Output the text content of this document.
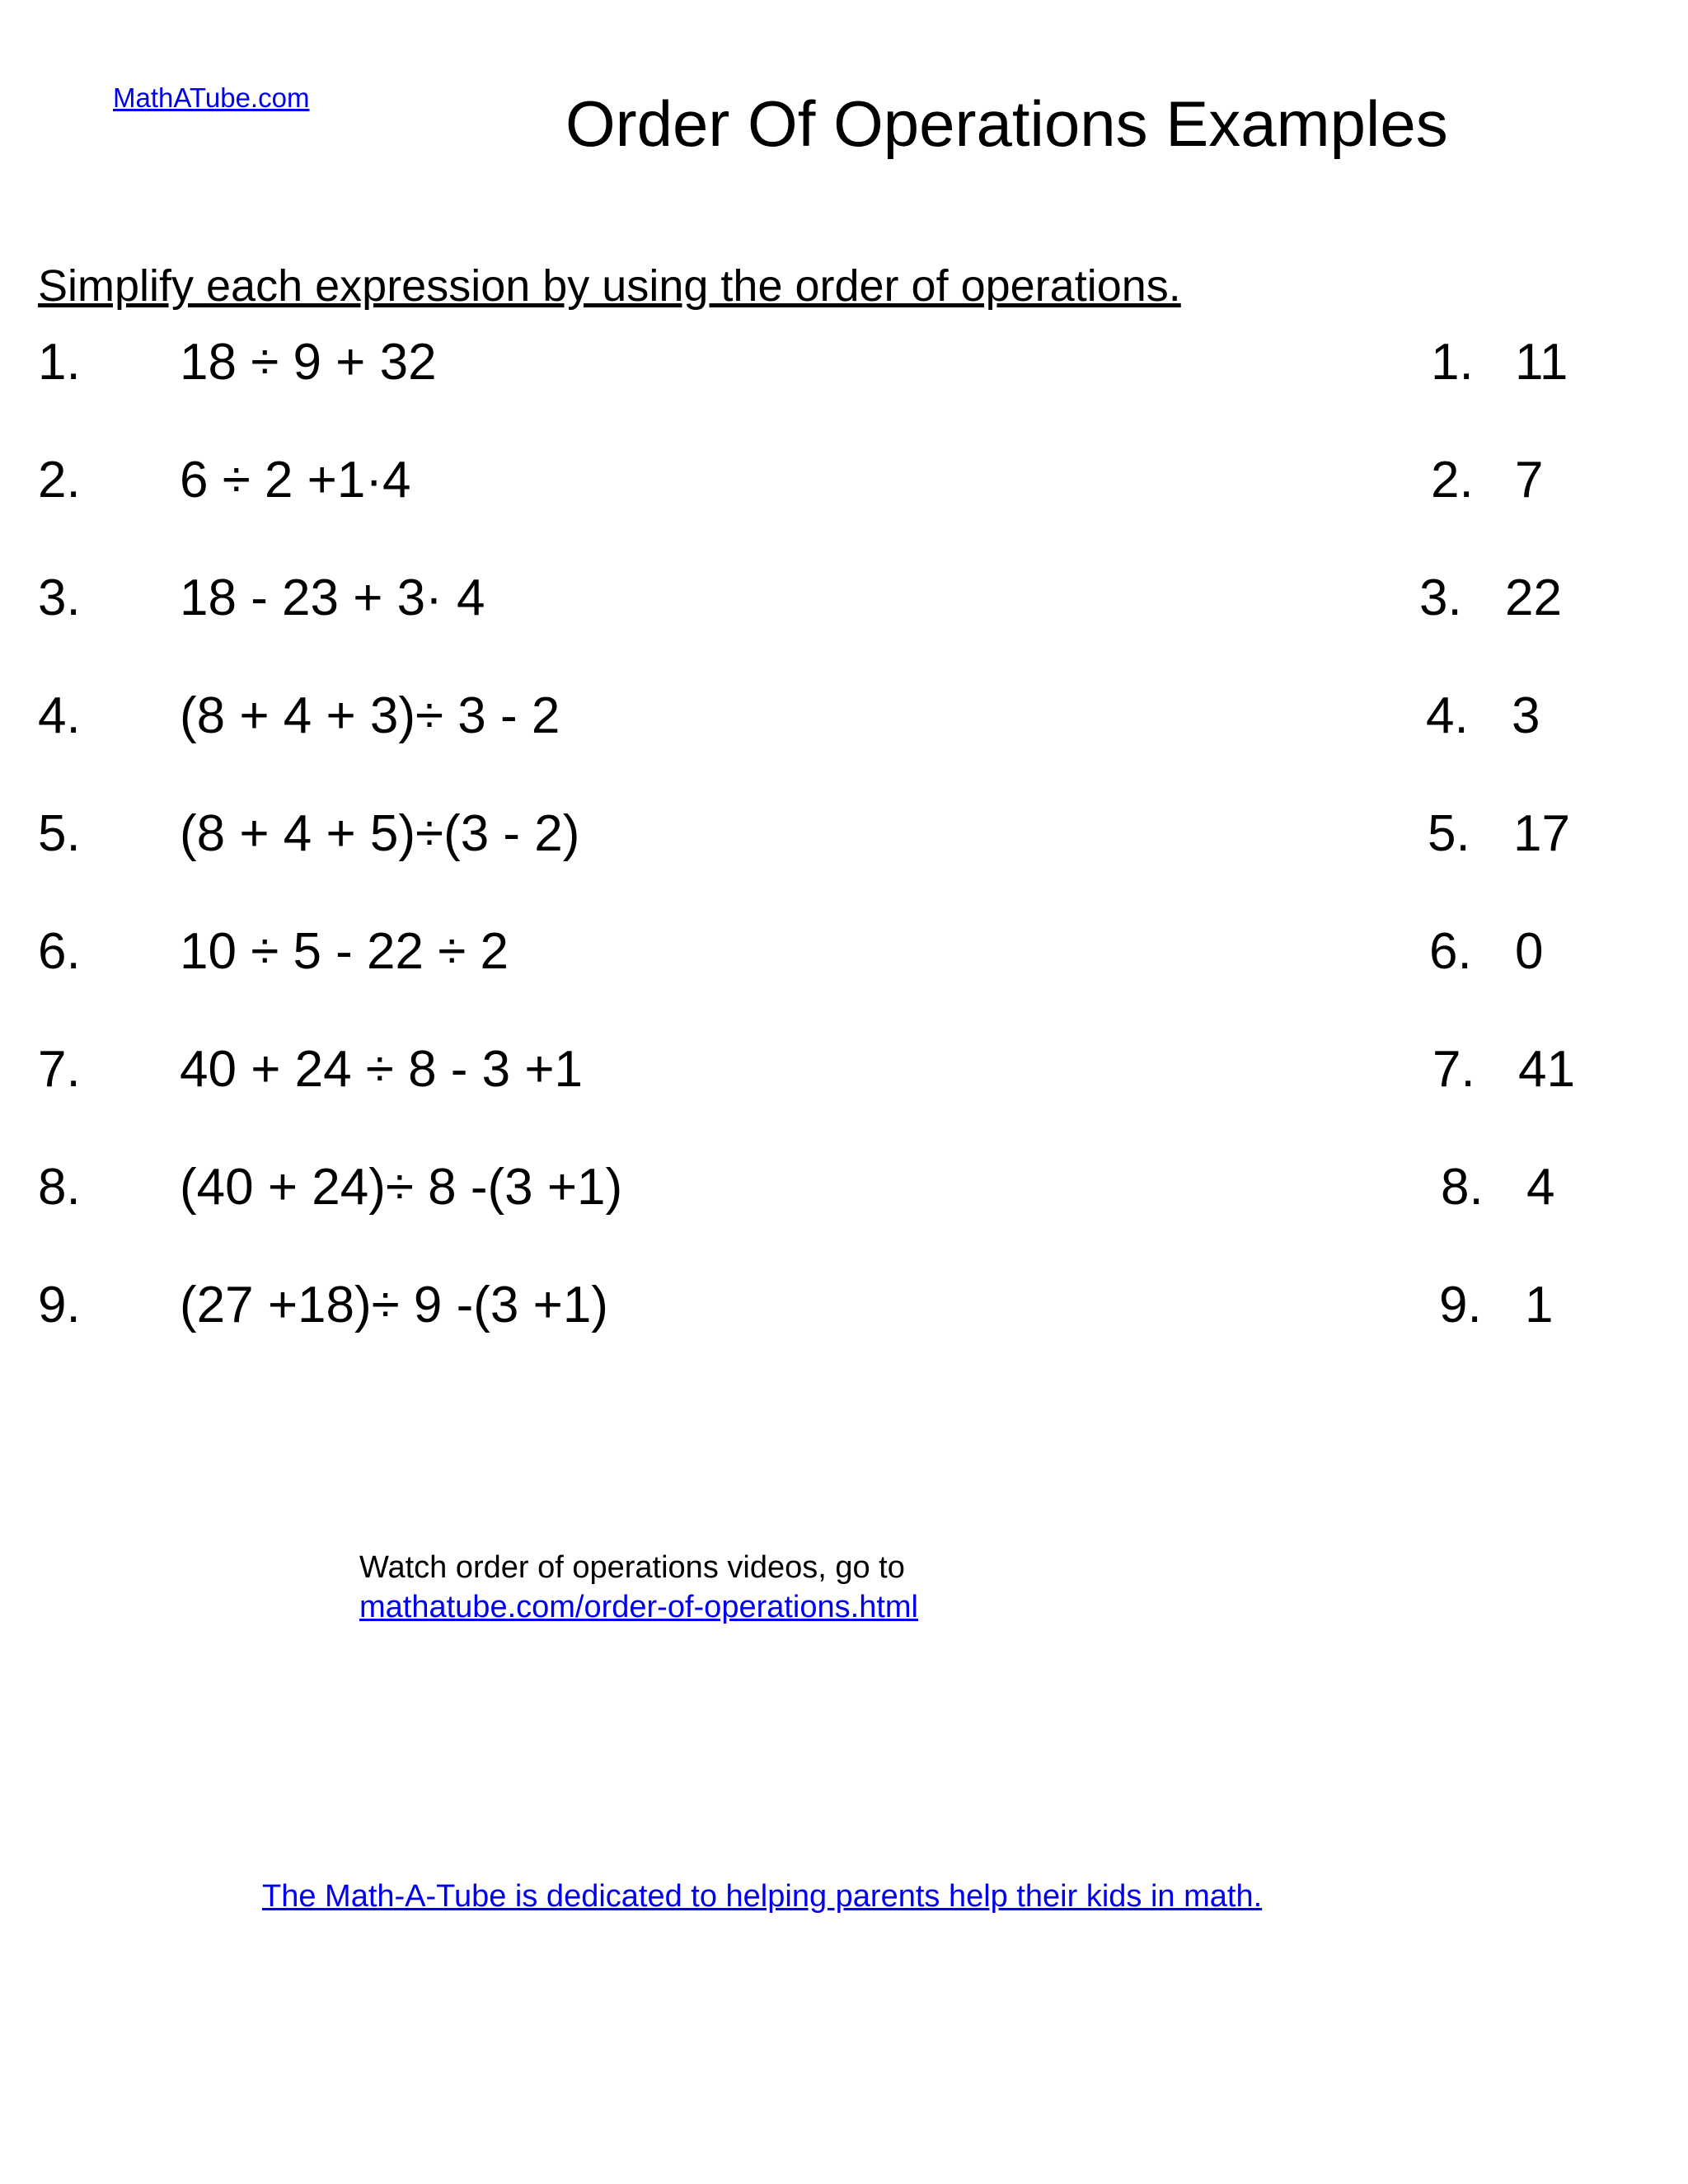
MathATube.com	Order Of Operations Examples
Simplify each expression by using the order of operations.
1. 18 ÷ 9 + 32	1. 11
2. 6 ÷ 2 +1·4	2. 7
3. 18 - 23 + 3· 4	3. 22
4. (8 + 4 + 3)÷ 3 - 2	4. 3
5. (8 + 4 + 5)÷(3 - 2)	5. 17
6. 10 ÷ 5 - 22 ÷ 2	6. 0
7. 40 + 24 ÷ 8 - 3 +1	7. 41
8. (40 + 24)÷ 8 -(3 +1)	8. 4
9. (27 +18)÷ 9 -(3 +1)	9. 1
Watch order of operations videos, go to
mathatube.com/order-of-operations.html
The Math-A-Tube is dedicated to helping parents help their kids in math.
